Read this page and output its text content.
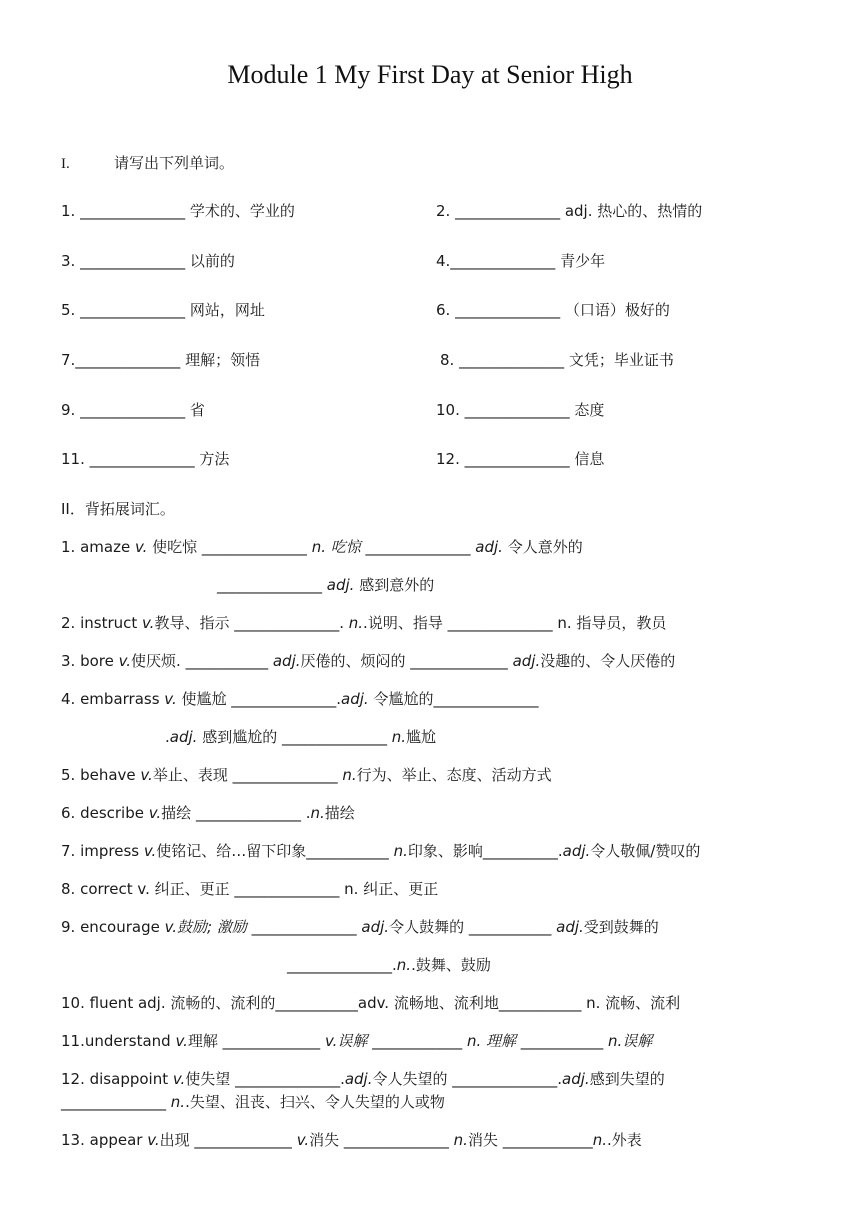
Module 1 My First Day at Senior High
I.	请写出下列单词。
1. ______________ 学术的、学业的	2. ______________ adj. 热心的、热情的
3. ______________ 以前的	4.______________ 青少年
5. ______________ 网站，网址	6. ______________ （口语）极好的
7.______________ 理解；领悟	8. ______________ 文凭；毕业证书
9. ______________ 省	10. ______________ 态度
11. ______________ 方法	12. ______________ 信息
II．背拓展词汇。
1. amaze v. 使吃惊 ______________ n. 吃惊 ______________ adj. 令人意外的
______________ adj. 感到意外的
2. instruct v.教导、指示 ______________. n..说明、指导 ______________ n. 指导员，教员
3. bore v.使厌烦. ___________ adj.厌倦的、烦闷的 _____________ adj.没趣的、令人厌倦的
4. embarrass v. 使尴尬 ______________.adj. 令尴尬的______________
.adj. 感到尴尬的 ______________ n.尴尬
5. behave v.举止、表现 ______________ n.行为、举止、态度、活动方式
6. describe v.描绘 ______________ .n.描绘
7. impress v.使铭记、给…留下印象___________ n.印象、影响__________.adj.令人敬佩/赞叹的
8. correct v. 纠正、更正 ______________ n. 纠正、更正
9. encourage v.鼓励; 激励 ______________ adj.令人鼓舞的 ___________ adj.受到鼓舞的
______________.n..鼓舞、鼓励
10. fluent adj. 流畅的、流利的___________adv. 流畅地、流利地___________ n. 流畅、流利
11.understand v.理解 _____________ v.误解 ____________ n. 理解 ___________ n.误解
12. disappoint v.使失望 ______________.adj.令人失望的 ______________.adj.感到失望的
______________ n..失望、沮丧、扫兴、令人失望的人或物
13. appear v.出现 _____________ v.消失 ______________ n.消失 ____________n..外表
